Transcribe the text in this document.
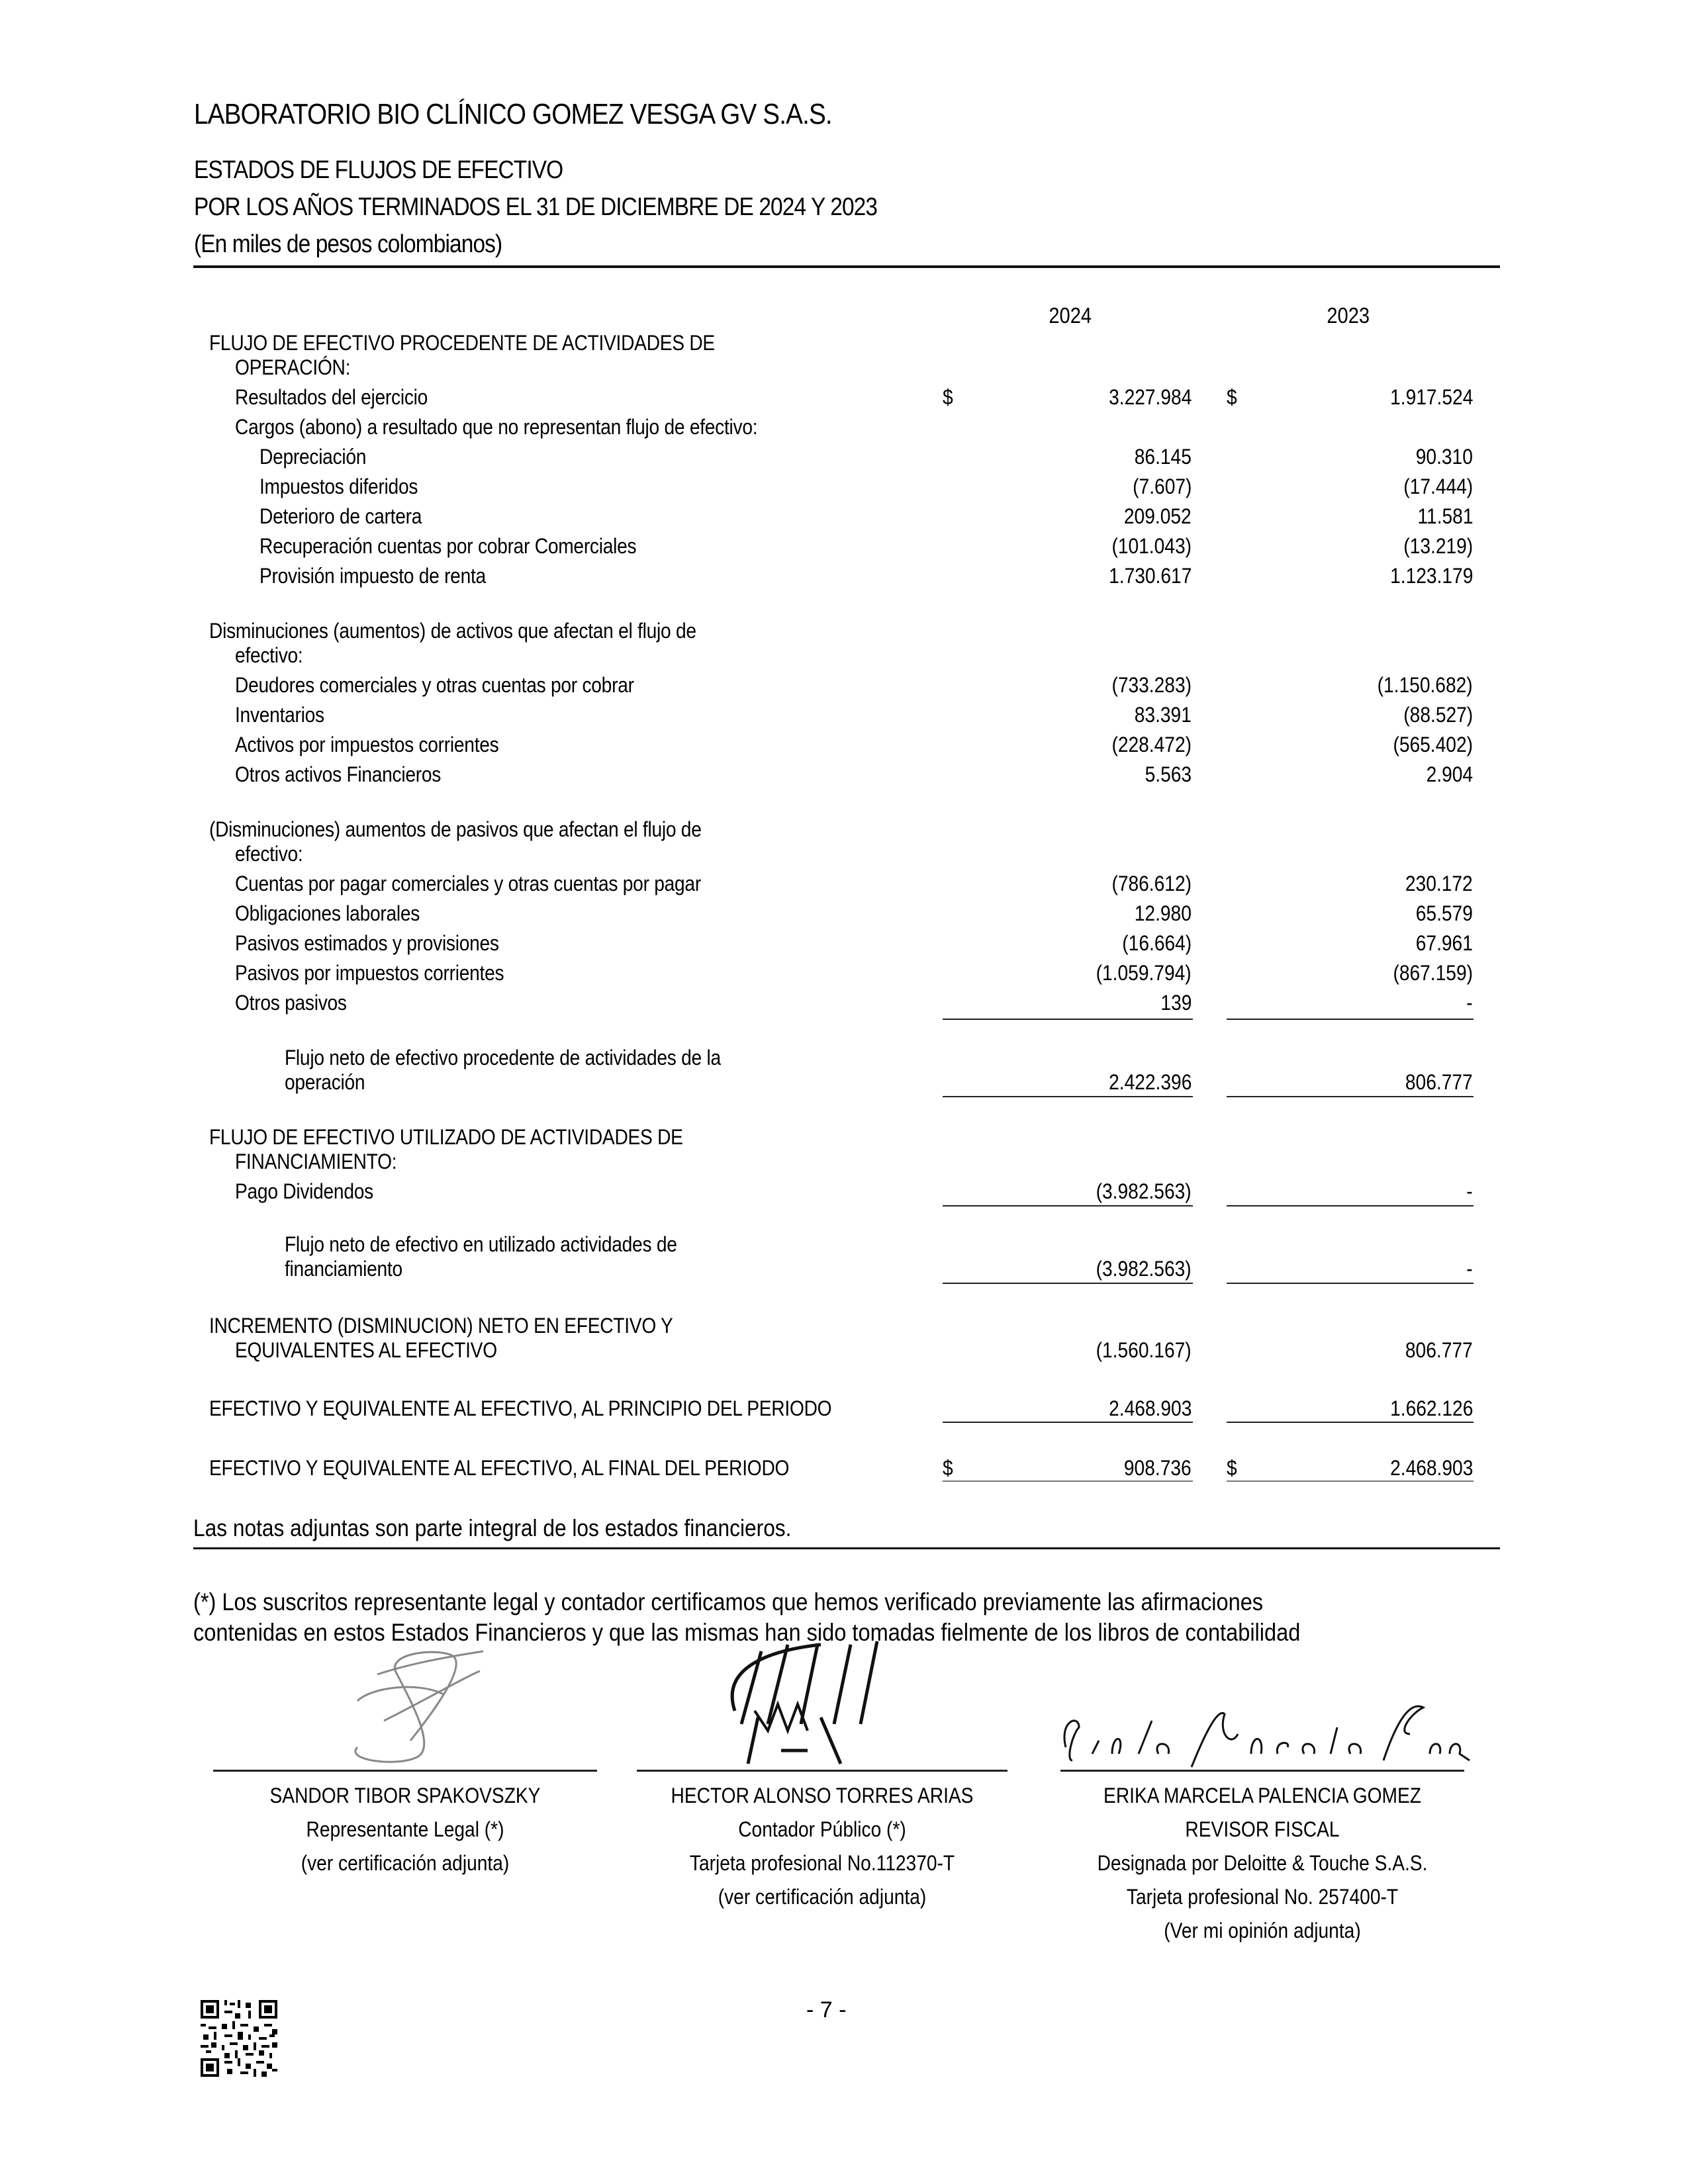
LABORATORIO BIO CLÍNICO GOMEZ VESGA GV S.A.S.
ESTADOS DE FLUJOS DE EFECTIVO
POR LOS AÑOS TERMINADOS EL 31 DE DICIEMBRE DE 2024 Y 2023
(En miles de pesos colombianos)
2024	2023
FLUJO DE EFECTIVO PROCEDENTE DE ACTIVIDADES DE
OPERACIÓN:
Resultados del ejercicio	$	3.227.984 $	1.917.524
Cargos (abono) a resultado que no representan flujo de efectivo:
Depreciación	86.145	90.310
Impuestos diferidos	(7.607)	(17.444)
Deterioro de cartera	209.052	11.581
Recuperación cuentas por cobrar Comerciales	(101.043)	(13.219)
Provisión impuesto de renta	1.730.617	1.123.179
Disminuciones (aumentos) de activos que afectan el flujo de
efectivo:
Deudores comerciales y otras cuentas por cobrar	(733.283)	(1.150.682)
Inventarios	83.391	(88.527)
Activos por impuestos corrientes	(228.472)	(565.402)
Otros activos Financieros	5.563	2.904
(Disminuciones) aumentos de pasivos que afectan el flujo de
efectivo:
Cuentas por pagar comerciales y otras cuentas por pagar	(786.612)	230.172
Obligaciones laborales	12.980	65.579
Pasivos estimados y provisiones	(16.664)	67.961
Pasivos por impuestos corrientes	(1.059.794)	(867.159)
Otros pasivos	139	-
Flujo neto de efectivo procedente de actividades de la
operación	2.422.396	806.777
FLUJO DE EFECTIVO UTILIZADO DE ACTIVIDADES DE
FINANCIAMIENTO:
Pago Dividendos	(3.982.563)	-
Flujo neto de efectivo en utilizado actividades de
financiamiento	(3.982.563)	-
INCREMENTO (DISMINUCION) NETO EN EFECTIVO Y
EQUIVALENTES AL EFECTIVO	(1.560.167)	806.777
EFECTIVO Y EQUIVALENTE AL EFECTIVO, AL PRINCIPIO DEL PERIODO	2.468.903	1.662.126
EFECTIVO Y EQUIVALENTE AL EFECTIVO, AL FINAL DEL PERIODO	$	908.736 $	2.468.903
Las notas adjuntas son parte integral de los estados financieros.
(*) Los suscritos representante legal y contador certificamos que hemos verificado previamente las afirmaciones
contenidas en estos Estados Financieros y que las mismas han sido tomadas fielmente de los libros de contabilidad
SANDOR TIBOR SPAKOVSZKY
Representante Legal (*)
(ver certificación adjunta)
HECTOR ALONSO TORRES ARIAS
Contador Público (*)
Tarjeta profesional No.112370-T
(ver certificación adjunta)
ERIKA MARCELA PALENCIA GOMEZ
REVISOR FISCAL
Designada por Deloitte & Touche S.A.S.
Tarjeta profesional No. 257400-T
(Ver mi opinión adjunta)
- 7 -
